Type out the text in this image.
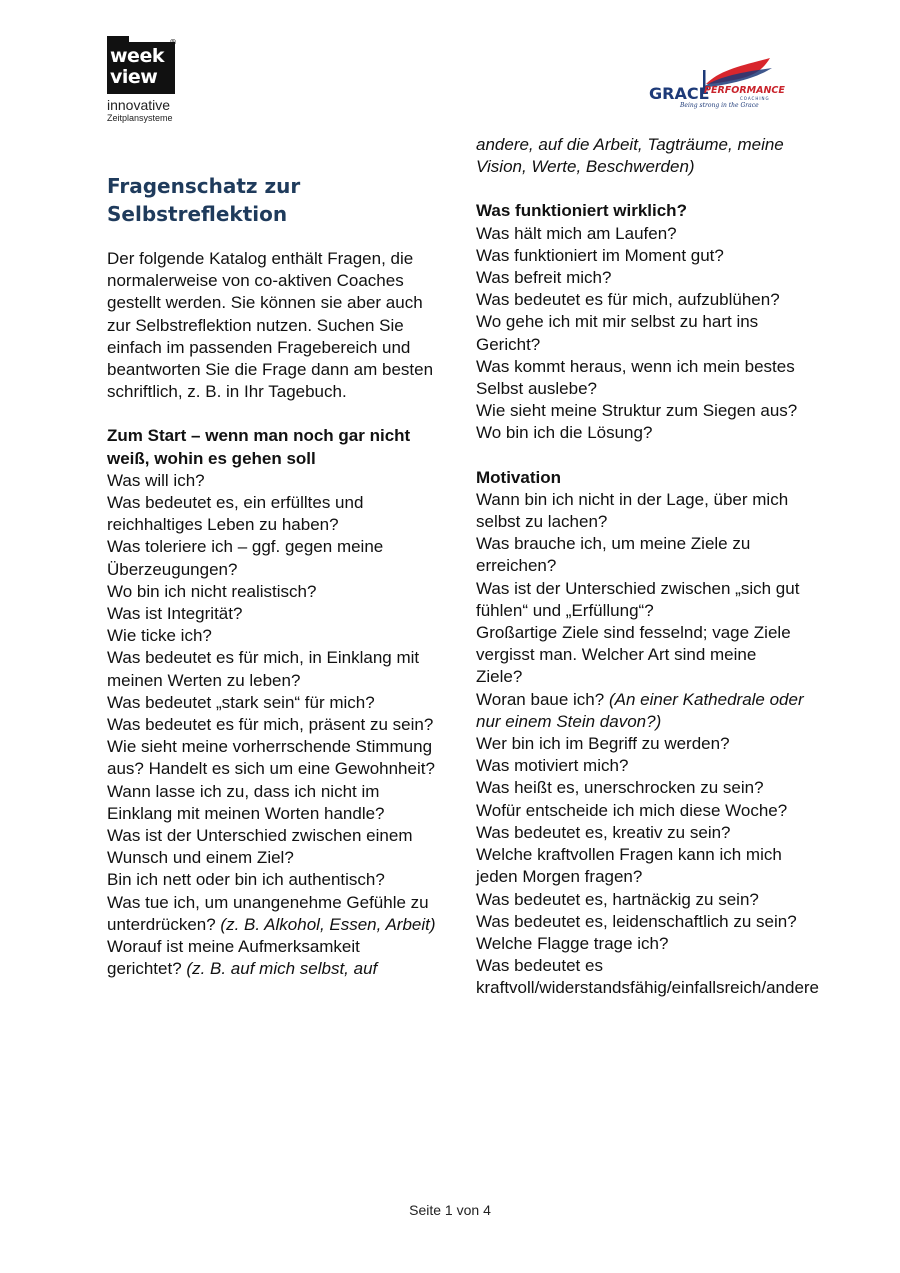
®
week
view
innovative
Zeitplansysteme
GRACE
PERFORMANCE
COACHING
Being strong in the Grace
Fragenschatz zur Selbstreflektion

Der folgende Katalog enthält Fragen, die normalerweise von co-aktiven Coaches gestellt werden. Sie können sie aber auch zur Selbstreflektion nutzen. Suchen Sie einfach im passenden Fragebereich und beantworten Sie die Frage dann am besten schriftlich, z. B. in Ihr Tagebuch.

Zum Start – wenn man noch gar nicht weiß, wohin es gehen soll

Was will ich?

Was bedeutet es, ein erfülltes und reichhaltiges Leben zu haben?

Was toleriere ich – ggf. gegen meine Überzeugungen?

Wo bin ich nicht realistisch?

Was ist Integrität?

Wie ticke ich?

Was bedeutet es für mich, in Einklang mit meinen Werten zu leben?

Was bedeutet „stark sein“ für mich?

Was bedeutet es für mich, präsent zu sein?

Wie sieht meine vorherrschende Stimmung aus? Handelt es sich um eine Gewohnheit?

Wann lasse ich zu, dass ich nicht im Einklang mit meinen Worten handle?

Was ist der Unterschied zwischen einem Wunsch und einem Ziel?

Bin ich nett oder bin ich authentisch?

Was tue ich, um unangenehme Gefühle zu unterdrücken? (z. B. Alkohol, Essen, Arbeit)

Worauf ist meine Aufmerksamkeit gerichtet? (z. B. auf mich selbst, auf

andere, auf die Arbeit, Tagträume, meine Vision, Werte, Beschwerden)

Was funktioniert wirklich?

Was hält mich am Laufen?

Was funktioniert im Moment gut?

Was befreit mich?

Was bedeutet es für mich, aufzublühen?

Wo gehe ich mit mir selbst zu hart ins Gericht?

Was kommt heraus, wenn ich mein bestes Selbst auslebe?

Wie sieht meine Struktur zum Siegen aus?

Wo bin ich die Lösung?

Motivation

Wann bin ich nicht in der Lage, über mich selbst zu lachen?

Was brauche ich, um meine Ziele zu erreichen?

Was ist der Unterschied zwischen „sich gut fühlen“ und „Erfüllung“?

Großartige Ziele sind fesselnd; vage Ziele vergisst man. Welcher Art sind meine Ziele?

Woran baue ich? (An einer Kathedrale oder nur einem Stein davon?)

Wer bin ich im Begriff zu werden?

Was motiviert mich?

Was heißt es, unerschrocken zu sein?

Wofür entscheide ich mich diese Woche?

Was bedeutet es, kreativ zu sein?

Welche kraftvollen Fragen kann ich mich jeden Morgen fragen?

Was bedeutet es, hartnäckig zu sein?

Was bedeutet es, leidenschaftlich zu sein?

Welche Flagge trage ich?

Was bedeutet es kraftvoll/widerstandsfähig/einfallsreich/andere

Seite 1 von 4
